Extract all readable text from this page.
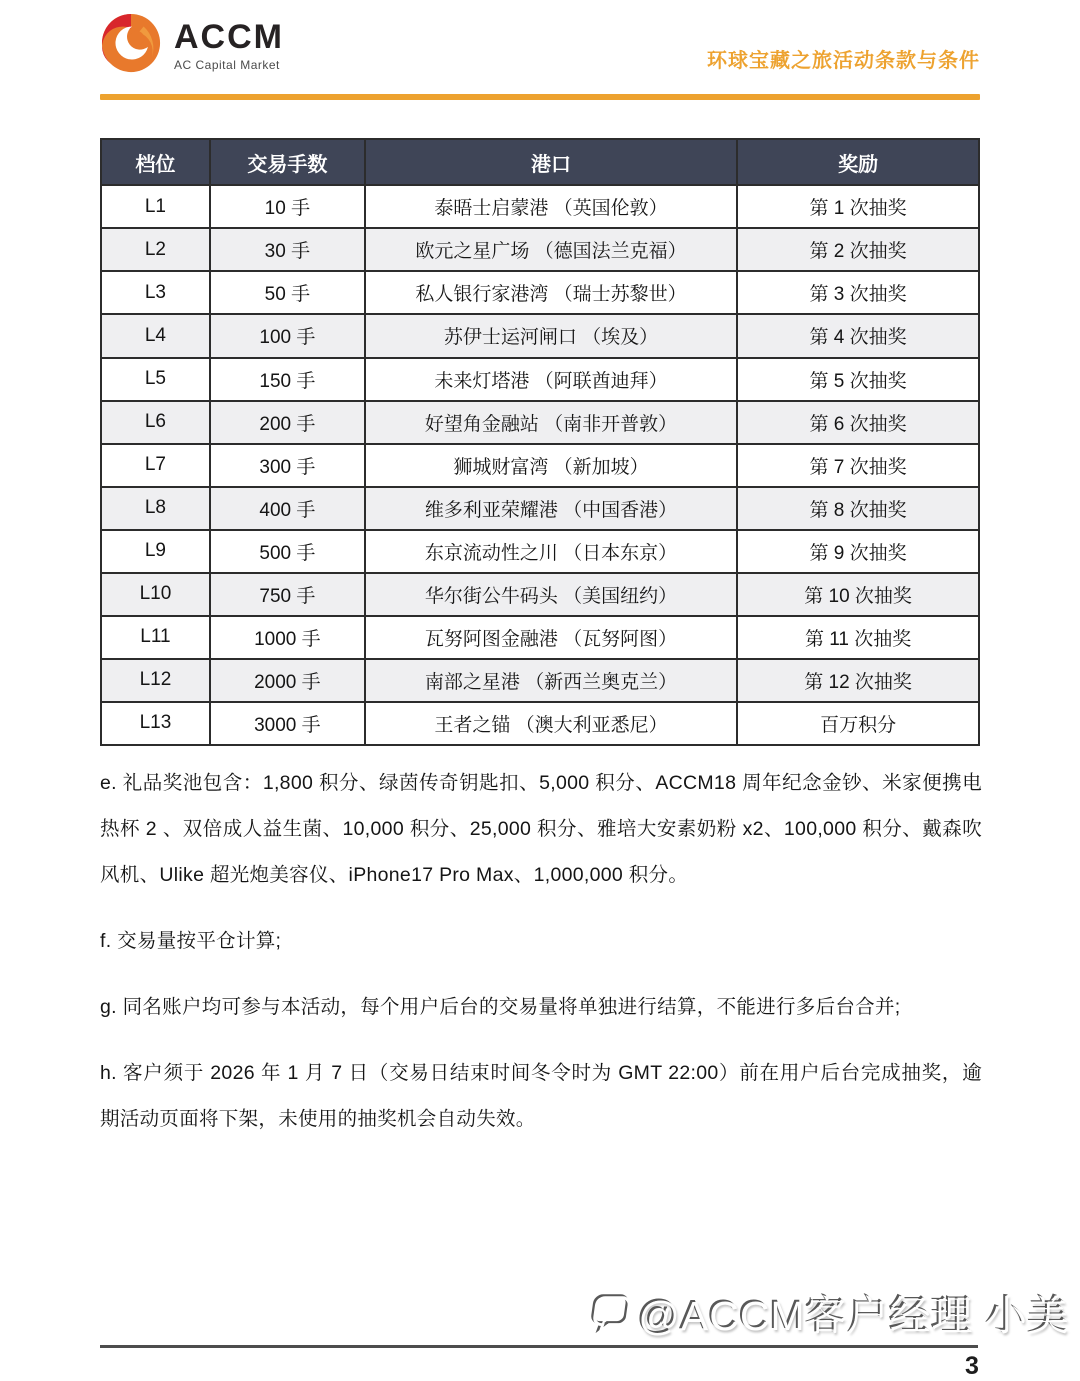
ACCM
AC Capital Market	环球宝藏之旅活动条款与条件
档位	交易手数	港口	奖励
L1	10 手	泰晤士启蒙港 （英国伦敦）	第 1 次抽奖
L2	30 手	欧元之星广场 （德国法兰克福）	第 2 次抽奖
L3	50 手	私人银行家港湾 （瑞士苏黎世）	第 3 次抽奖
L4	100 手	苏伊士运河闸口 （埃及）	第 4 次抽奖
L5	150 手	未来灯塔港 （阿联酋迪拜）	第 5 次抽奖
L6	200 手	好望角金融站 （南非开普敦）	第 6 次抽奖
L7	300 手	狮城财富湾 （新加坡）	第 7 次抽奖
L8	400 手	维多利亚荣耀港 （中国香港）	第 8 次抽奖
L9	500 手	东京流动性之川 （日本东京）	第 9 次抽奖
L10	750 手	华尔街公牛码头 （美国纽约）	第 10 次抽奖
L11	1000 手	瓦努阿图金融港 （瓦努阿图）	第 11 次抽奖
L12	2000 手	南部之星港 （新西兰奥克兰）	第 12 次抽奖
L13	3000 手	王者之锚 （澳大利亚悉尼）	百万积分

e. 礼品奖池包含：1,800 积分、绿茵传奇钥匙扣、5,000 积分、ACCM18 周年纪念金钞、米家便携电热杯 2 、双倍成人益生菌、10,000 积分、25,000 积分、雅培大安素奶粉 x2、100,000 积分、戴森吹风机、Ulike 超光炮美容仪、iPhone17 Pro Max、1,000,000 积分。

f. 交易量按平仓计算;

g. 同名账户均可参与本活动，每个用户后台的交易量将单独进行结算，不能进行多后台合并;

h. 客户须于 2026 年 1 月 7 日（交易日结束时间冬令时为 GMT 22:00）前在用户后台完成抽奖，逾期活动页面将下架，未使用的抽奖机会自动失效。

@ACCM客户经理 小美
3
